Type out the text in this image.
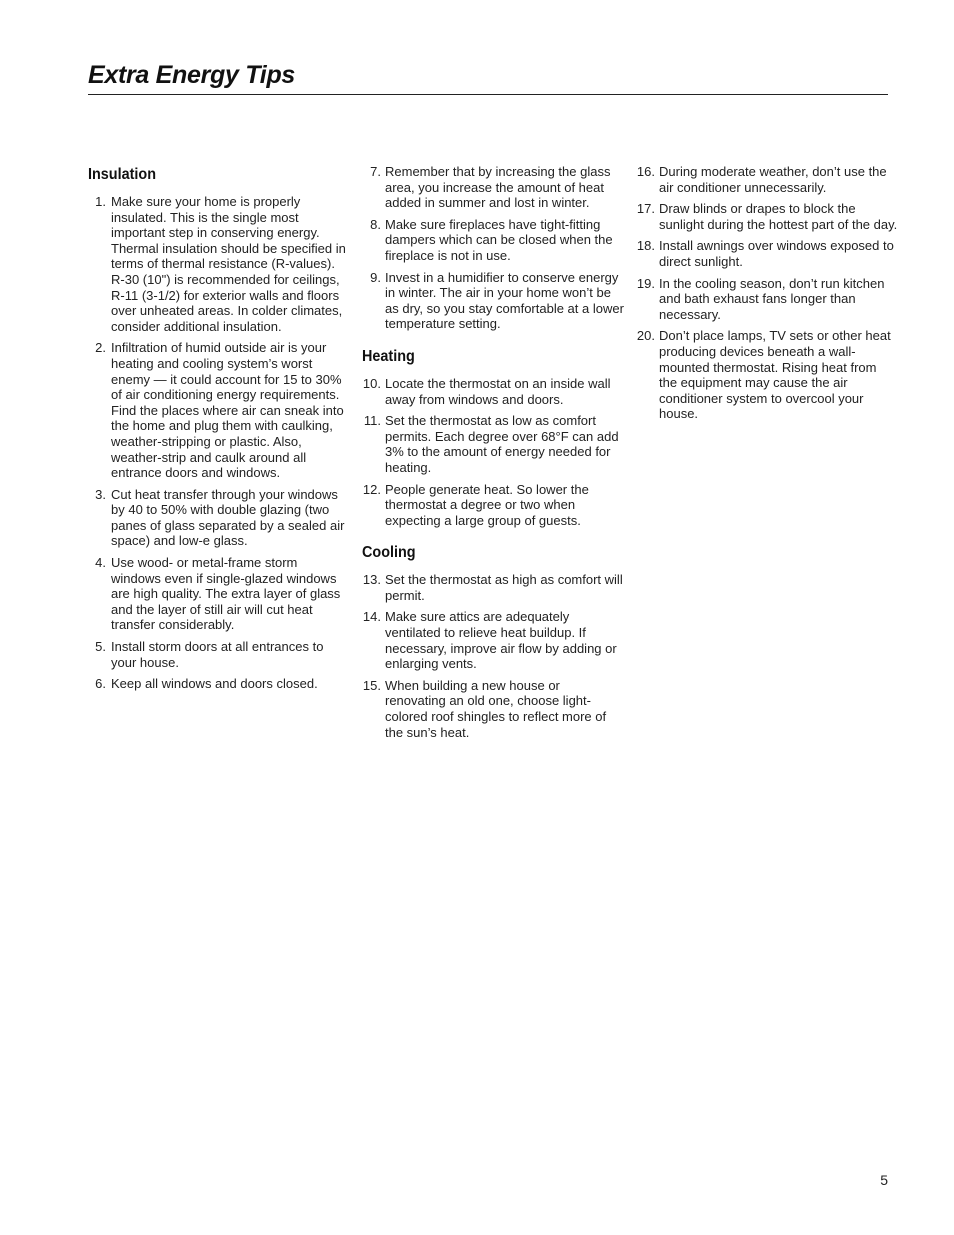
Extra Energy Tips
Insulation
1. Make sure your home is properly insulated. This is the single most important step in conserving energy. Thermal insulation should be specified in terms of thermal resistance (R-values). R-30 (10") is recommended for ceilings, R-11 (3-1/2) for exterior walls and floors over unheated areas. In colder climates, consider additional insulation.
2. Infiltration of humid outside air is your heating and cooling system’s worst enemy — it could account for 15 to 30% of air conditioning energy requirements. Find the places where air can sneak into the home and plug them with caulking, weather-stripping or plastic. Also, weather-strip and caulk around all entrance doors and windows.
3. Cut heat transfer through your windows by 40 to 50% with double glazing (two panes of glass separated by a sealed air space) and low-e glass.
4. Use wood- or metal-frame storm windows even if single-glazed windows are high quality. The extra layer of glass and the layer of still air will cut heat transfer considerably.
5. Install storm doors at all entrances to your house.
6. Keep all windows and doors closed.
7. Remember that by increasing the glass area, you increase the amount of heat added in summer and lost in winter.
8. Make sure fireplaces have tight-fitting dampers which can be closed when the fireplace is not in use.
9. Invest in a humidifier to conserve energy in winter. The air in your home won’t be as dry, so you stay comfortable at a lower temperature setting.
Heating
10. Locate the thermostat on an inside wall away from windows and doors.
11. Set the thermostat as low as comfort permits. Each degree over 68°F can add 3% to the amount of energy needed for heating.
12. People generate heat. So lower the thermostat a degree or two when expecting a large group of guests.
Cooling
13. Set the thermostat as high as comfort will permit.
14. Make sure attics are adequately ventilated to relieve heat buildup. If necessary, improve air flow by adding or enlarging vents.
15. When building a new house or renovating an old one, choose light-colored roof shingles to reflect more of the sun’s heat.
16. During moderate weather, don’t use the air conditioner unnecessarily.
17. Draw blinds or drapes to block the sunlight during the hottest part of the day.
18. Install awnings over windows exposed to direct sunlight.
19. In the cooling season, don’t run kitchen and bath exhaust fans longer than necessary.
20. Don’t place lamps, TV sets or other heat producing devices beneath a wall-mounted thermostat. Rising heat from the equipment may cause the air conditioner system to overcool your house.
5
